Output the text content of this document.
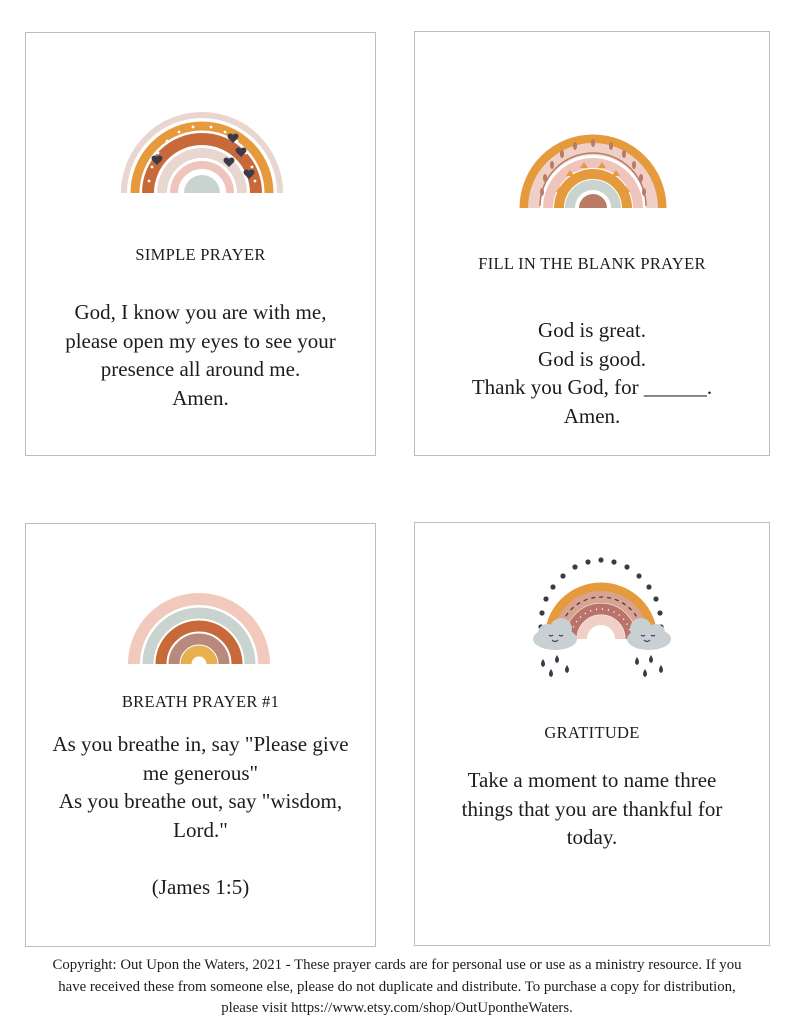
SIMPLE PRAYER
God, I know you are with me,
please open my eyes to see your
presence all around me.
Amen.
FILL IN THE BLANK PRAYER
God is great.
God is good.
Thank you God, for ______.
Amen.
BREATH PRAYER #1
As you breathe in, say "Please give
me generous"
As you breathe out, say "wisdom,
Lord."
(James 1:5)
GRATITUDE
Take a moment to name three
things that you are thankful for
today.
Copyright: Out Upon the Waters, 2021 - These prayer cards are for personal use or use as a ministry resource. If you
have received these from someone else, please do not duplicate and distribute. To purchase a copy for distribution,
please visit https://www.etsy.com/shop/OutUpontheWaters.
